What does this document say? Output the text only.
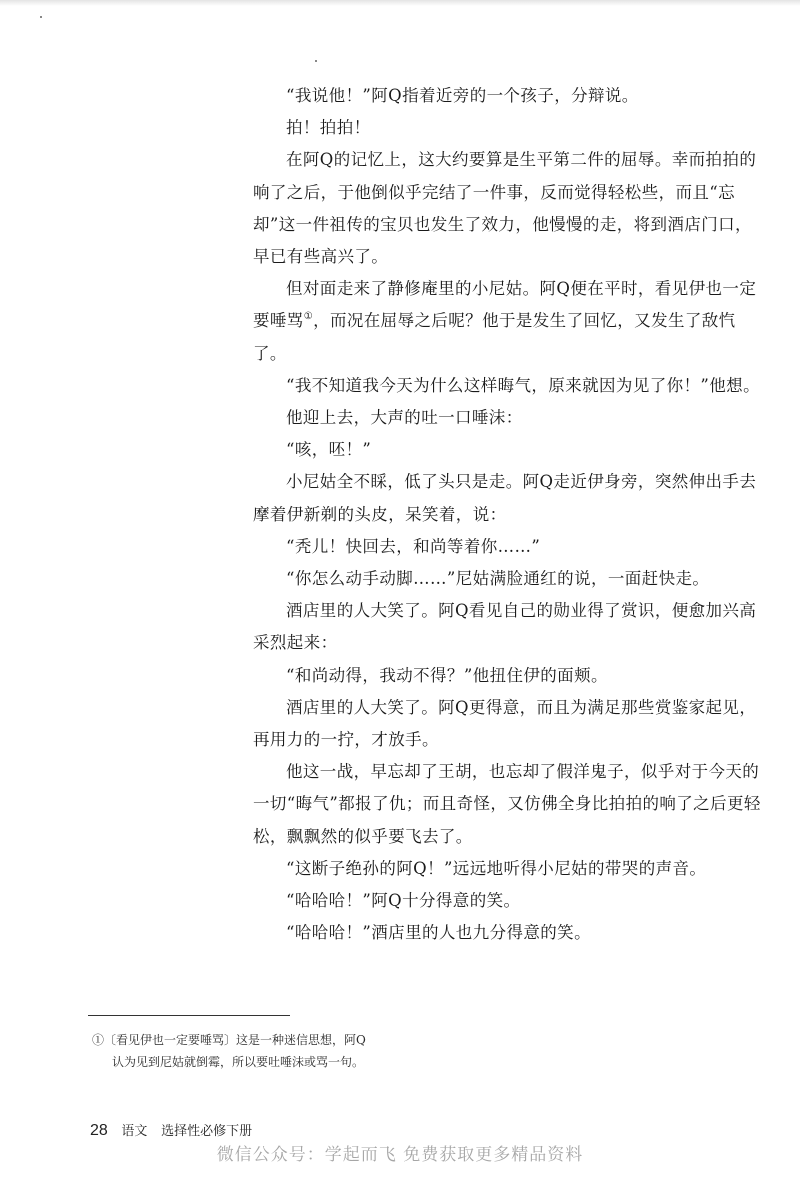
“我说他！”阿Q指着近旁的一个孩子，分辩说。

拍！拍拍！

在阿Q的记忆上，这大约要算是生平第二件的屈辱。幸而拍拍的响了之后，于他倒似乎完结了一件事，反而觉得轻松些，而且“忘却”这一件祖传的宝贝也发生了效力，他慢慢的走，将到酒店门口，早已有些高兴了。

但对面走来了静修庵里的小尼姑。阿Q便在平时，看见伊也一定要唾骂①，而况在屈辱之后呢？他于是发生了回忆，又发生了敌忾了。

“我不知道我今天为什么这样晦气，原来就因为见了你！”他想。

他迎上去，大声的吐一口唾沫：

“咳，呸！”

小尼姑全不睬，低了头只是走。阿Q走近伊身旁，突然伸出手去摩着伊新剃的头皮，呆笑着，说：

“秃儿！快回去，和尚等着你……”

“你怎么动手动脚……”尼姑满脸通红的说，一面赶快走。

酒店里的人大笑了。阿Q看见自己的勋业得了赏识，便愈加兴高采烈起来：

“和尚动得，我动不得？”他扭住伊的面颊。

酒店里的人大笑了。阿Q更得意，而且为满足那些赏鉴家起见，再用力的一拧，才放手。

他这一战，早忘却了王胡，也忘却了假洋鬼子，似乎对于今天的一切“晦气”都报了仇；而且奇怪，又仿佛全身比拍拍的响了之后更轻松，飘飘然的似乎要飞去了。

“这断子绝孙的阿Q！”远远地听得小尼姑的带哭的声音。

“哈哈哈！”阿Q十分得意的笑。

“哈哈哈！”酒店里的人也九分得意的笑。

①〔看见伊也一定要唾骂〕这是一种迷信思想，阿Q

认为见到尼姑就倒霉，所以要吐唾沫或骂一句。

28 语文 选择性必修下册
微信公众号：学起而飞 免费获取更多精品资料
